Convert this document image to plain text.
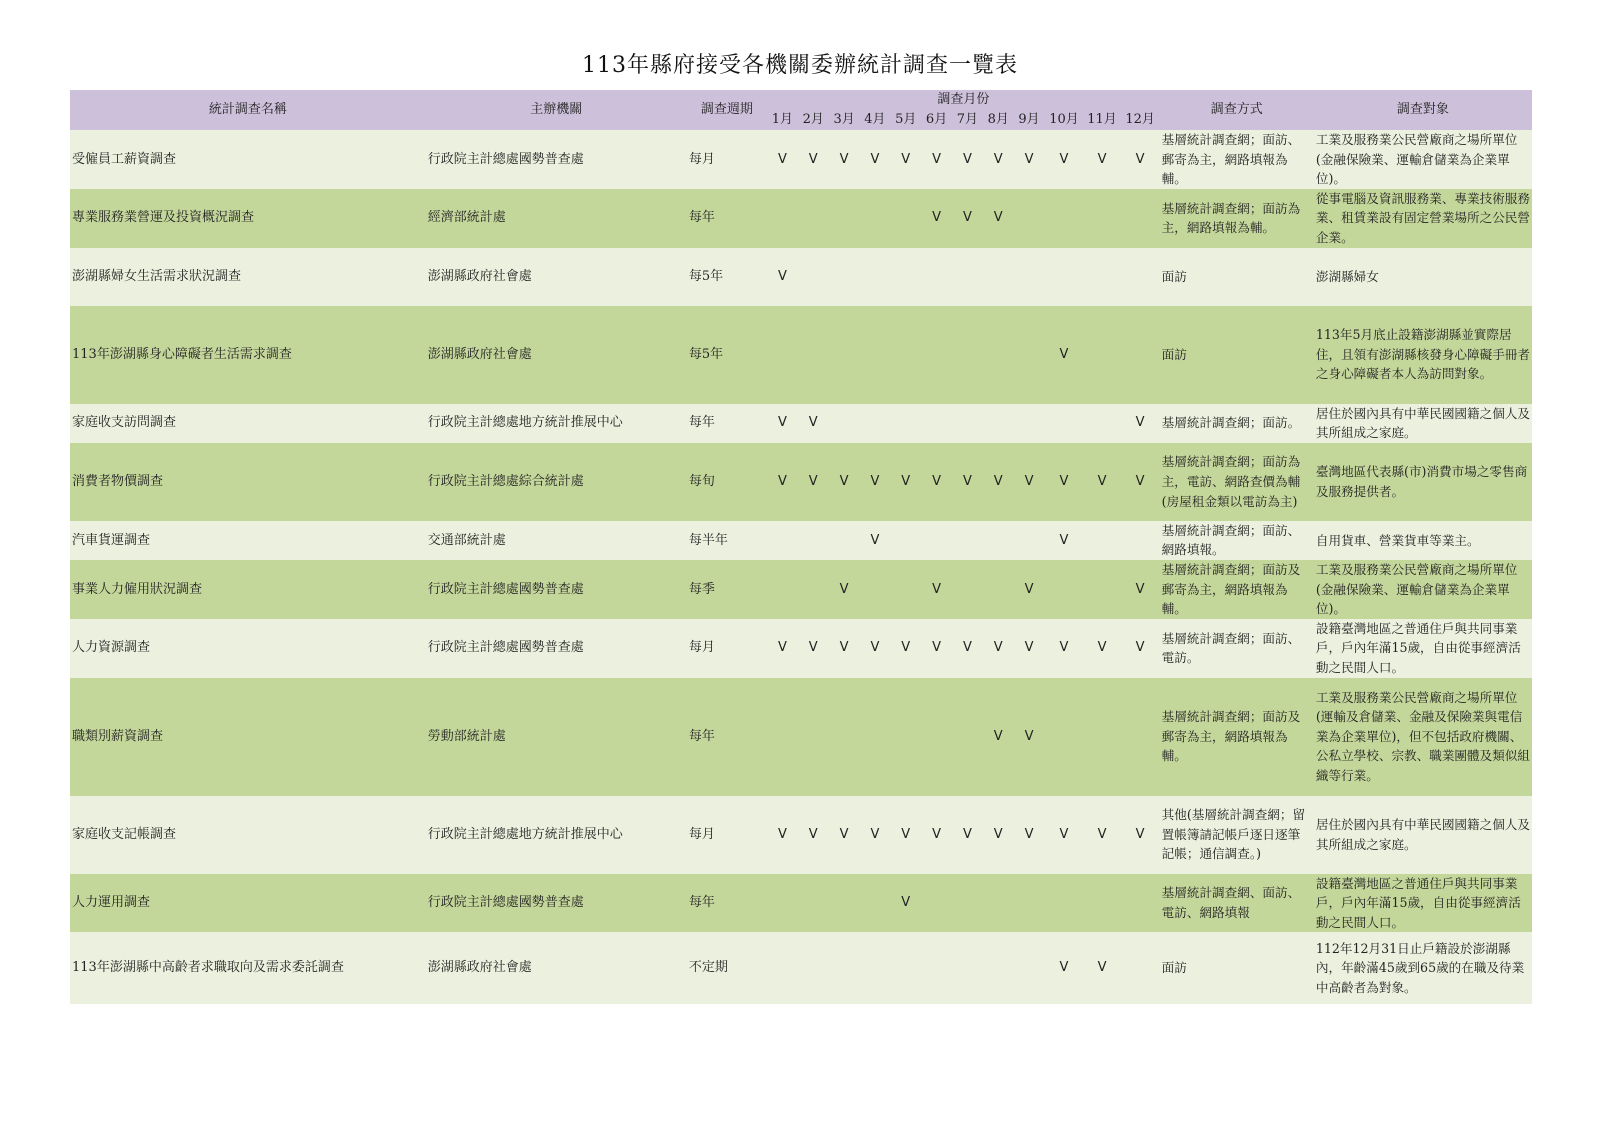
113年縣府接受各機關委辦統計調查一覽表
統計調查名稱	主辦機關	調查週期	調查月份												調查方式	調查對象
			1月	2月	3月	4月	5月	6月	7月	8月	9月	10月	11月	12月		
受僱員工薪資調查	行政院主計總處國勢普查處	每月	V	V	V	V	V	V	V	V	V	V	V	V	基層統計調查網；面訪、郵寄為主，網路填報為輔。	工業及服務業公民營廠商之場所單位(金融保險業、運輸倉儲業為企業單位)。
專業服務業營運及投資概況調查	經濟部統計處	每年						V	V	V					基層統計調查網；面訪為主，網路填報為輔。	從事電腦及資訊服務業、專業技術服務業、租賃業設有固定營業場所之公民營企業。
澎湖縣婦女生活需求狀況調查	澎湖縣政府社會處	每5年	V												面訪	澎湖縣婦女
113年澎湖縣身心障礙者生活需求調查	澎湖縣政府社會處	每5年										V			面訪	113年5月底止設籍澎湖縣並實際居住，且領有澎湖縣核發身心障礙手冊者之身心障礙者本人為訪問對象。
家庭收支訪問調查	行政院主計總處地方統計推展中心	每年	V	V										V	基層統計調查網；面訪。	居住於國內具有中華民國國籍之個人及其所組成之家庭。
消費者物價調查	行政院主計總處綜合統計處	每旬	V	V	V	V	V	V	V	V	V	V	V	V	基層統計調查網；面訪為主，電訪、網路查價為輔(房屋租金類以電訪為主)	臺灣地區代表縣(市)消費市場之零售商及服務提供者。
汽車貨運調查	交通部統計處	每半年				V						V			基層統計調查網；面訪、網路填報。	自用貨車、營業貨車等業主。
事業人力僱用狀況調查	行政院主計總處國勢普查處	每季			V			V			V			V	基層統計調查網；面訪及郵寄為主，網路填報為輔。	工業及服務業公民營廠商之場所單位(金融保險業、運輸倉儲業為企業單位)。
人力資源調查	行政院主計總處國勢普查處	每月	V	V	V	V	V	V	V	V	V	V	V	V	基層統計調查網；面訪、電訪。	設籍臺灣地區之普通住戶與共同事業戶，戶內年滿15歲，自由從事經濟活動之民間人口。
職類別薪資調查	勞動部統計處	每年								V	V				基層統計調查網；面訪及郵寄為主，網路填報為輔。	工業及服務業公民營廠商之場所單位(運輸及倉儲業、金融及保險業與電信業為企業單位)，但不包括政府機關、公私立學校、宗教、職業團體及類似組織等行業。
家庭收支記帳調查	行政院主計總處地方統計推展中心	每月	V	V	V	V	V	V	V	V	V	V	V	V	其他(基層統計調查網；留置帳簿請記帳戶逐日逐筆記帳；通信調查。)	居住於國內具有中華民國國籍之個人及其所組成之家庭。
人力運用調查	行政院主計總處國勢普查處	每年					V								基層統計調查網、面訪、電訪、網路填報	設籍臺灣地區之普通住戶與共同事業戶，戶內年滿15歲，自由從事經濟活動之民間人口。
113年澎湖縣中高齡者求職取向及需求委託調查	澎湖縣政府社會處	不定期										V	V		面訪	112年12月31日止戶籍設於澎湖縣內，年齡滿45歲到65歲的在職及待業中高齡者為對象。
